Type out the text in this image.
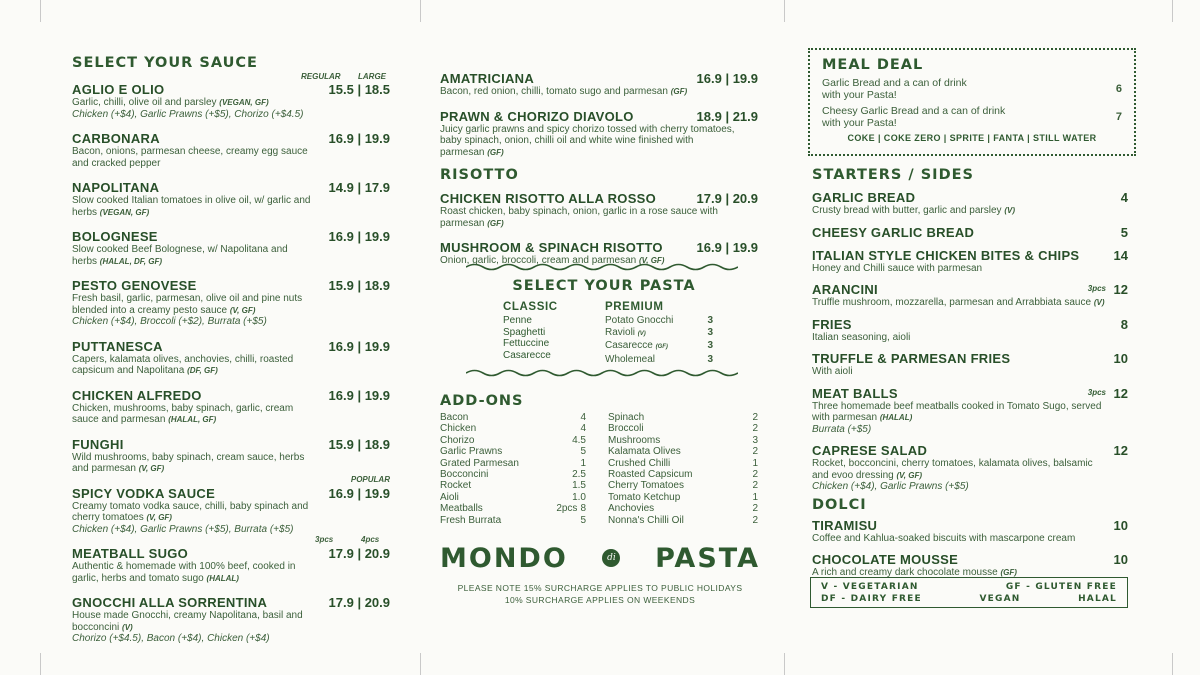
SELECT YOUR SAUCE
REGULAR LARGE
AGLIO E OLIO	15.5 | 18.5
Garlic, chilli, olive oil and parsley (VEGAN, GF)
Chicken (+$4), Garlic Prawns (+$5), Chorizo (+$4.5)
CARBONARA	16.9 | 19.9
Bacon, onions, parmesan cheese, creamy egg sauce and cracked pepper
NAPOLITANA	14.9 | 17.9
Slow cooked Italian tomatoes in olive oil, w/ garlic and herbs (VEGAN, GF)
BOLOGNESE	16.9 | 19.9
Slow cooked Beef Bolognese, w/ Napolitana and herbs (HALAL, DF, GF)
PESTO GENOVESE	15.9 | 18.9
Fresh basil, garlic, parmesan, olive oil and pine nuts blended into a creamy pesto sauce (V, GF)
Chicken (+$4), Broccoli (+$2), Burrata (+$5)
PUTTANESCA	16.9 | 19.9
Capers, kalamata olives, anchovies, chilli, roasted capsicum and Napolitana (DF, GF)
CHICKEN ALFREDO	16.9 | 19.9
Chicken, mushrooms, baby spinach, garlic, cream sauce and parmesan (HALAL, GF)
FUNGHI	15.9 | 18.9
Wild mushrooms, baby spinach, cream sauce, herbs and parmesan (V, GF)
SPICY VODKA SAUCE	16.9 | 19.9
Creamy tomato vodka sauce, chilli, baby spinach and cherry tomatoes (V, GF)
Chicken (+$4), Garlic Prawns (+$5), Burrata (+$5)
POPULAR
MEATBALL SUGO	17.9 | 20.9
Authentic & homemade with 100% beef, cooked in garlic, herbs and tomato sugo (HALAL)
3pcs	4pcs
GNOCCHI ALLA SORRENTINA	17.9 | 20.9
House made Gnocchi, creamy Napolitana, basil and bocconcini (V)
Chorizo (+$4.5), Bacon (+$4), Chicken (+$4)
AMATRICIANA	16.9 | 19.9
Bacon, red onion, chilli, tomato sugo and parmesan (GF)
PRAWN & CHORIZO DIAVOLO	18.9 | 21.9
Juicy garlic prawns and spicy chorizo tossed with cherry tomatoes, baby spinach, onion, chilli oil and white wine finished with parmesan (GF)
RISOTTO
CHICKEN RISOTTO ALLA ROSSO	17.9 | 20.9
Roast chicken, baby spinach, onion, garlic in a rose sauce with parmesan (GF)
MUSHROOM & SPINACH RISOTTO	16.9 | 19.9
Onion, garlic, broccoli, cream and parmesan (V, GF)
SELECT YOUR PASTA
CLASSIC
Penne
Spaghetti
Fettuccine
Casarecce
PREMIUM
Potato Gnocchi	3
Ravioli (V)	3
Casarecce (GF)	3
Wholemeal	3
ADD-ONS
Bacon	4
Chicken	4
Chorizo	4.5
Garlic Prawns	5
Grated Parmesan	1
Bocconcini	2.5
Rocket	1.5
Aioli	1.0
Meatballs	2pcs 8
Fresh Burrata	5
Spinach	2
Broccoli	2
Mushrooms	3
Kalamata Olives	2
Crushed Chilli	1
Roasted Capsicum	2
Cherry Tomatoes	2
Tomato Ketchup	1
Anchovies	2
Nonna's Chilli Oil	2
MONDO	di PASTA
PLEASE NOTE 15% SURCHARGE APPLIES TO PUBLIC HOLIDAYS
10% SURCHARGE APPLIES ON WEEKENDS
MEAL DEAL
Garlic Bread and a can of drink
with your Pasta!	6
Cheesy Garlic Bread and a can of drink
with your Pasta!	7
COKE | COKE ZERO | SPRITE | FANTA | STILL WATER
STARTERS / SIDES
GARLIC BREAD	4
Crusty bread with butter, garlic and parsley (V)
CHEESY GARLIC BREAD	5
ITALIAN STYLE CHICKEN BITES & CHIPS	14
Honey and Chilli sauce with parmesan
ARANCINI	12
3pcs
Truffle mushroom, mozzarella, parmesan and Arrabbiata sauce (V)
FRIES	8
Italian seasoning, aioli
TRUFFLE & PARMESAN FRIES	10
With aioli
MEAT BALLS	12
3pcs
Three homemade beef meatballs cooked in Tomato Sugo, served with parmesan (HALAL)
Burrata (+$5)
CAPRESE SALAD	12
Rocket, bocconcini, cherry tomatoes, kalamata olives, balsamic and evoo dressing (V, GF)
Chicken (+$4), Garlic Prawns (+$5)
DOLCI
TIRAMISU	10
Coffee and Kahlua-soaked biscuits with mascarpone cream
CHOCOLATE MOUSSE	10
A rich and creamy dark chocolate mousse (GF)
V - VEGETARIAN	GF - GLUTEN FREE
DF - DAIRY FREE	VEGAN	HALAL
